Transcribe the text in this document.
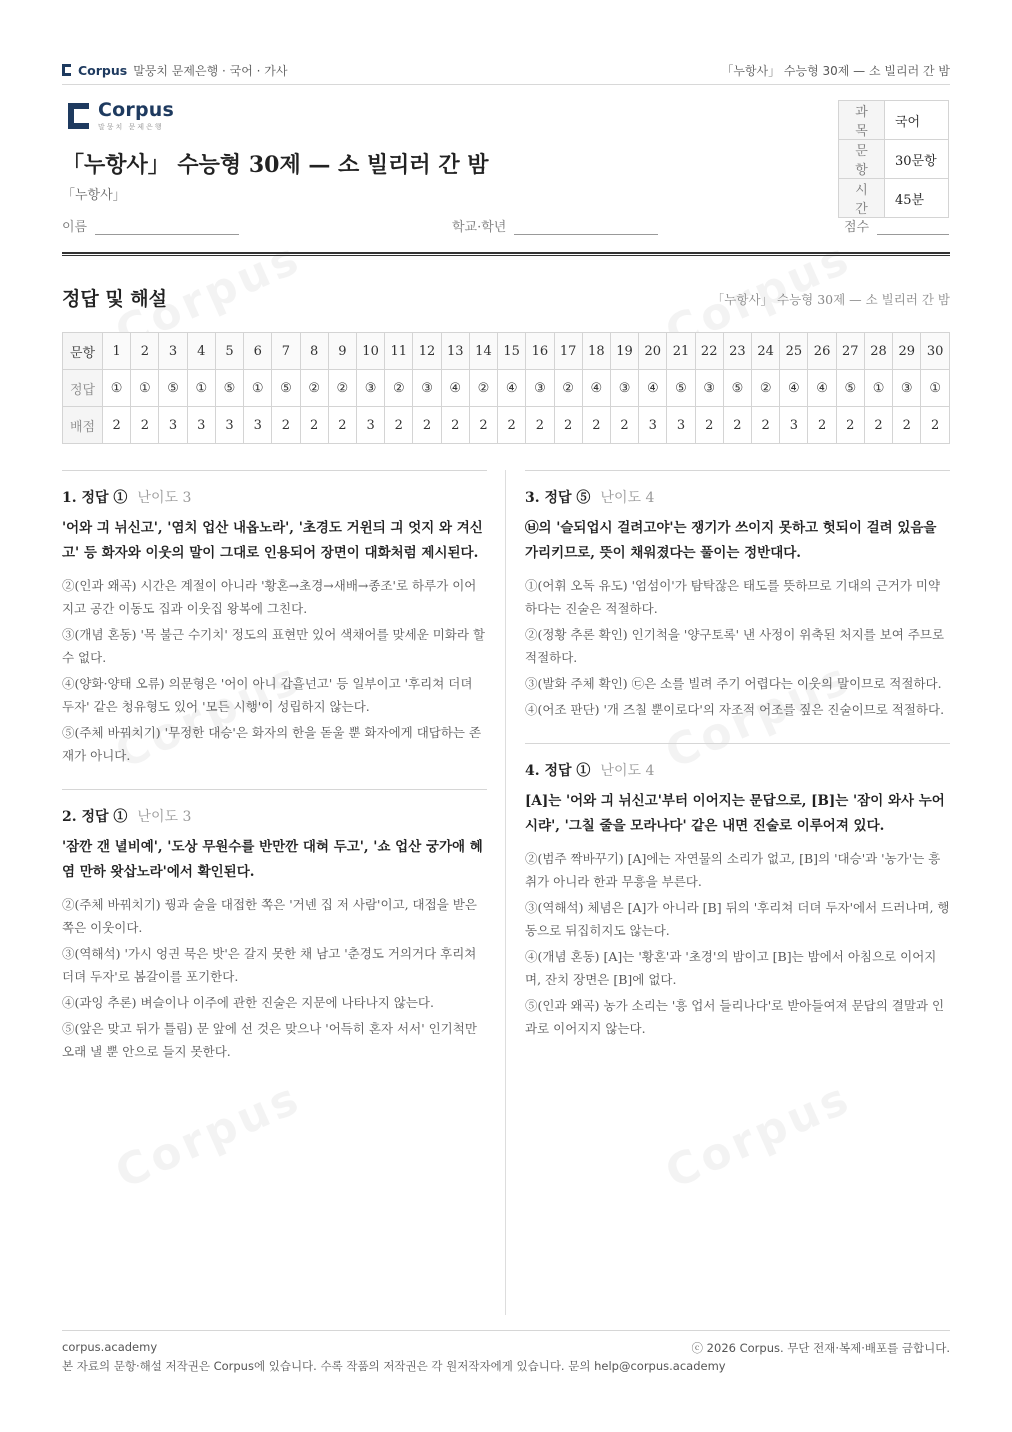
Corpus 말뭉치 문제은행 · 국어 · 가사	「누항사」 수능형 30제 — 소 빌리러 간 밤
Corpus
말뭉치 문제은행
「누항사」 수능형 30제 — 소 빌리러 간 밤
「누항사」
과목	국어
문항	30문항
시간	45분
이름	학교·학년	점수
정답 및 해설	「누항사」 수능형 30제 — 소 빌리러 간 밤
문항	1	2	3	4	5	6	7	8	9	10	11	12	13	14	15	16	17	18	19	20	21	22	23	24	25	26	27	28	29	30
정답	①	①	⑤	①	⑤	①	⑤	②	②	③	②	③	④	②	④	③	②	④	③	④	⑤	③	⑤	②	④	④	⑤	①	③	①
배점	2	2	3	3	3	3	2	2	2	3	2	2	2	2	2	2	2	2	2	3	3	2	2	2	3	2	2	2	2	2
1. 정답 ① 난이도 3
'어와 긔 뉘신고', '염치 업산 내옵노라', '초경도 거윈듸 긔 엇지 와 겨신고' 등 화자와 이웃의 말이 그대로 인용되어 장면이 대화처럼 제시된다.
②(인과 왜곡) 시간은 계절이 아니라 '황혼→초경→새배→종조'로 하루가 이어지고 공간 이동도 집과 이웃집 왕복에 그친다.
③(개념 혼동) '목 불근 수기치' 정도의 표현만 있어 색채어를 맞세운 미화라 할 수 없다.
④(양화·양태 오류) 의문형은 '어이 아니 갑흘넌고' 등 일부이고 '후리쳐 더뎌 두자' 같은 청유형도 있어 '모든 시행'이 성립하지 않는다.
⑤(주체 바꿔치기) '무정한 대승'은 화자의 한을 돋울 뿐 화자에게 대답하는 존재가 아니다.
2. 정답 ① 난이도 3
'잠깐 갠 녈비예', '도상 무원수를 반만깐 대혀 두고', '쇼 업산 궁가애 혜염 만하 왓삽노라'에서 확인된다.
②(주체 바꿔치기) 꿩과 술을 대접한 쪽은 '거넨 집 저 사람'이고, 대접을 받은 쪽은 이웃이다.
③(역해석) '가시 엉긘 묵은 밧'은 갈지 못한 채 남고 '춘경도 거의거다 후리쳐 더뎌 두자'로 봄갈이를 포기한다.
④(과잉 추론) 벼슬이나 이주에 관한 진술은 지문에 나타나지 않는다.
⑤(앞은 맞고 뒤가 틀림) 문 앞에 선 것은 맞으나 '어득히 혼자 서서' 인기척만 오래 낼 뿐 안으로 들지 못한다.
3. 정답 ⑤ 난이도 4
㉥의 '슬되업시 걸려고야'는 쟁기가 쓰이지 못하고 헛되이 걸려 있음을 가리키므로, 뜻이 채워졌다는 풀이는 정반대다.
①(어휘 오독 유도) '엄섬이'가 탐탁잖은 태도를 뜻하므로 기대의 근거가 미약하다는 진술은 적절하다.
②(정황 추론 확인) 인기척을 '양구토록' 낸 사정이 위축된 처지를 보여 주므로 적절하다.
③(발화 주체 확인) ㉢은 소를 빌려 주기 어렵다는 이웃의 말이므로 적절하다.
④(어조 판단) '개 즈칠 뿐이로다'의 자조적 어조를 짚은 진술이므로 적절하다.
4. 정답 ① 난이도 4
[A]는 '어와 긔 뉘신고'부터 이어지는 문답으로, [B]는 '잠이 와사 누어 시랴', '그칠 줄을 모라나다' 같은 내면 진술로 이루어져 있다.
②(범주 짝바꾸기) [A]에는 자연물의 소리가 없고, [B]의 '대승'과 '농가'는 흥취가 아니라 한과 무흥을 부른다.
③(역해석) 체념은 [A]가 아니라 [B] 뒤의 '후리쳐 더뎌 두자'에서 드러나며, 행동으로 뒤집히지도 않는다.
④(개념 혼동) [A]는 '황혼'과 '초경'의 밤이고 [B]는 밤에서 아침으로 이어지며, 잔치 장면은 [B]에 없다.
⑤(인과 왜곡) 농가 소리는 '흥 업서 들리나다'로 받아들여져 문답의 결말과 인과로 이어지지 않는다.
corpus.academy	ⓒ 2026 Corpus. 무단 전재·복제·배포를 금합니다.
본 자료의 문항·해설 저작권은 Corpus에 있습니다. 수록 작품의 저작권은 각 원저작자에게 있습니다. 문의 help@corpus.academy
